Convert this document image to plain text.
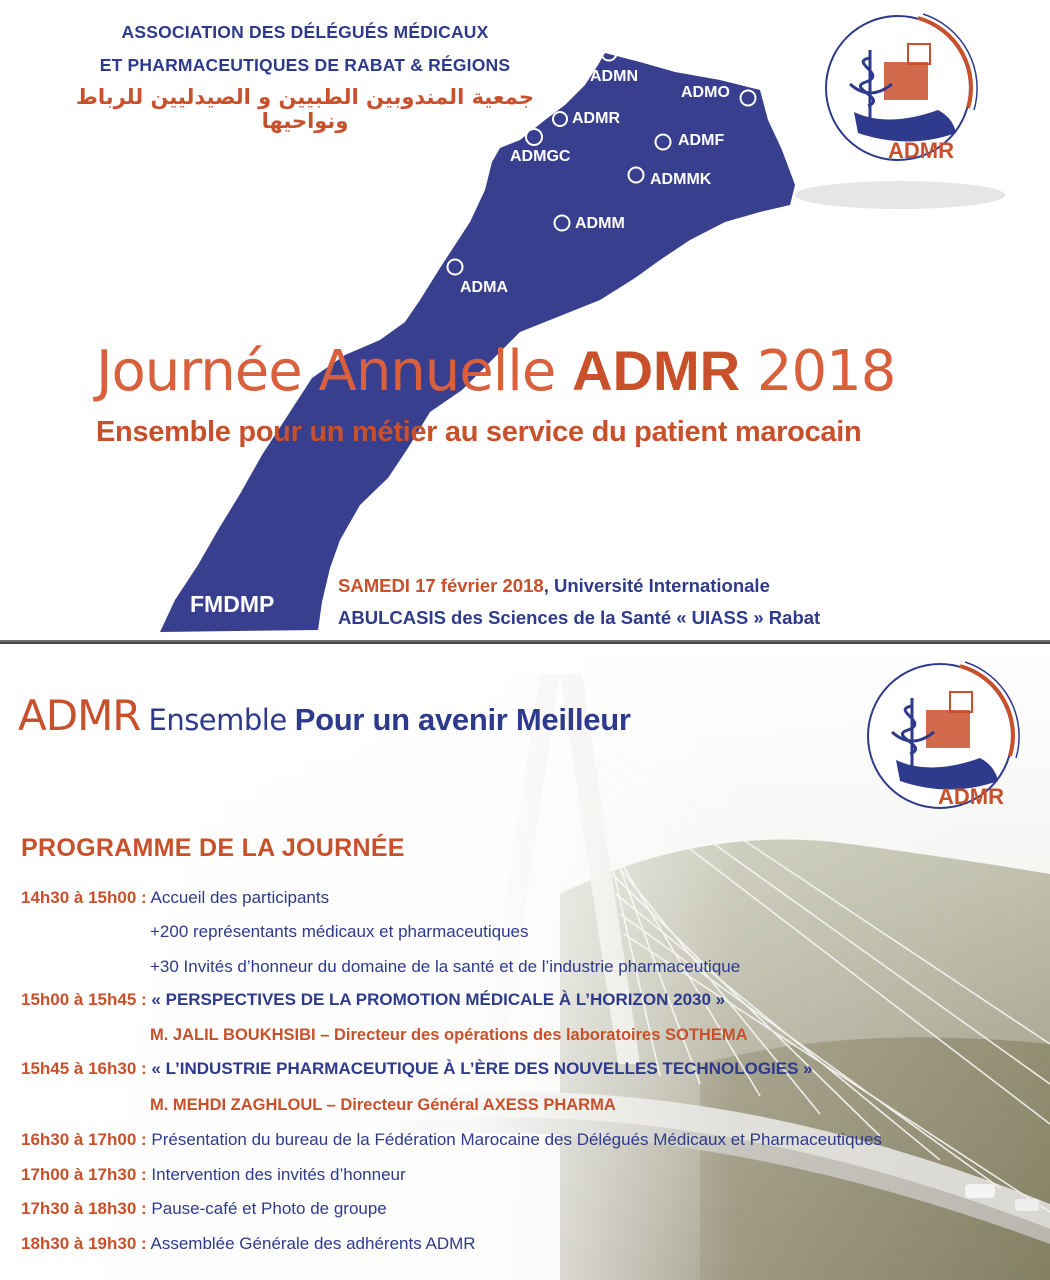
ASSOCIATION DES DÉLÉGUÉS MÉDICAUX
ET PHARMACEUTIQUES DE RABAT & RÉGIONS
جمعية المندوبين الطبيين و الصيدليين للرباط ونواحيها
ADMN
ADMO
ADMR
ADMF
ADMGC
ADMMK
ADMM
ADMA
ADMR
Journée Annuelle ADMR 2018
Ensemble pour un métier au service du patient marocain
FMDMP
SAMEDI 17 février 2018, Université Internationale
ABULCASIS des Sciences de la Santé « UIASS » Rabat
ADMR
ADMR Ensemble Pour un avenir Meilleur
PROGRAMME DE LA JOURNÉE
14h30 à 15h00 : Accueil des participants
+200 représentants médicaux et pharmaceutiques
+30 Invités d’honneur du domaine de la santé et de l’industrie pharmaceutique
15h00 à 15h45 : « PERSPECTIVES DE LA PROMOTION MÉDICALE À L’HORIZON 2030 »
M. JALIL BOUKHSIBI – Directeur des opérations des laboratoires SOTHEMA
15h45 à 16h30 : « L’INDUSTRIE PHARMACEUTIQUE À L’ÈRE DES NOUVELLES TECHNOLOGIES »
M. MEHDI ZAGHLOUL – Directeur Général AXESS PHARMA
16h30 à 17h00 : Présentation du bureau de la Fédération Marocaine des Délégués Médicaux et Pharmaceutiques
17h00 à 17h30 : Intervention des invités d’honneur
17h30 à 18h30 : Pause-café et Photo de groupe
18h30 à 19h30 : Assemblée Générale des adhérents ADMR
